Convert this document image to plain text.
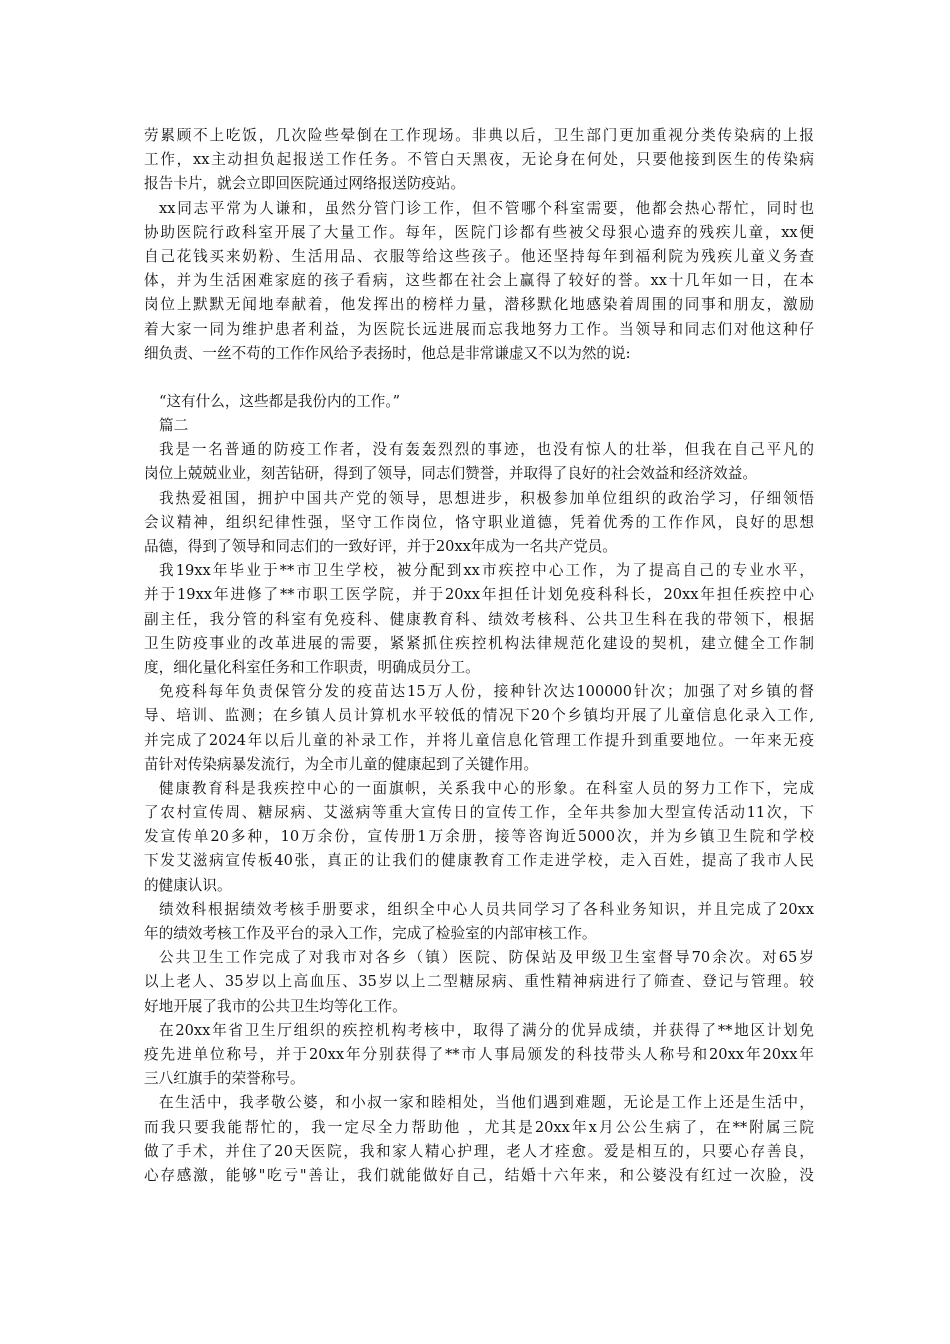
劳累顾不上吃饭，几次险些晕倒在工作现场。非典以后，卫生部门更加重视分类传染病的上报
工作，xx主动担负起报送工作任务。不管白天黑夜，无论身在何处，只要他接到医生的传染病
报告卡片，就会立即回医院通过网络报送防疫站。
xx同志平常为人谦和，虽然分管门诊工作，但不管哪个科室需要，他都会热心帮忙，同时也
协助医院行政科室开展了大量工作。每年，医院门诊都有些被父母狠心遗弃的残疾儿童，xx便
自己花钱买来奶粉、生活用品、衣服等给这些孩子。他还坚持每年到福利院为残疾儿童义务查
体，并为生活困难家庭的孩子看病，这些都在社会上赢得了较好的誉。xx十几年如一日，在本
岗位上默默无闻地奉献着，他发挥出的榜样力量，潜移默化地感染着周围的同事和朋友，激励
着大家一同为维护患者利益，为医院长远进展而忘我地努力工作。当领导和同志们对他这种仔
细负责、一丝不苟的工作作风给予表扬时，他总是非常谦虚又不以为然的说:
“这有什么，这些都是我份内的工作。”
篇二
我是一名普通的防疫工作者，没有轰轰烈烈的事迹，也没有惊人的壮举，但我在自己平凡的
岗位上兢兢业业，刻苦钻研，得到了领导，同志们赞誉，并取得了良好的社会效益和经济效益。
我热爱祖国，拥护中国共产党的领导，思想进步，积极参加单位组织的政治学习，仔细领悟
会议精神，组织纪律性强，坚守工作岗位，恪守职业道德，凭着优秀的工作作风，良好的思想
品德，得到了领导和同志们的一致好评，并于20xx年成为一名共产党员。
我19xx年毕业于**市卫生学校，被分配到xx市疾控中心工作，为了提高自己的专业水平，
并于19xx年进修了**市职工医学院，并于20xx年担任计划免疫科科长，20xx年担任疾控中心
副主任，我分管的科室有免疫科、健康教育科、绩效考核科、公共卫生科在我的带领下，根据
卫生防疫事业的改革进展的需要，紧紧抓住疾控机构法律规范化建设的契机，建立健全工作制
度，细化量化科室任务和工作职责，明确成员分工。
免疫科每年负责保管分发的疫苗达15万人份，接种针次达100000针次；加强了对乡镇的督
导、培训、监测；在乡镇人员计算机水平较低的情况下20个乡镇均开展了儿童信息化录入工作,
并完成了2024年以后儿童的补录工作，并将儿童信息化管理工作提升到重要地位。一年来无疫
苗针对传染病暴发流行，为全市儿童的健康起到了关键作用。
健康教育科是我疾控中心的一面旗帜，关系我中心的形象。在科室人员的努力工作下，完成
了农村宣传周、糖尿病、艾滋病等重大宣传日的宣传工作，全年共参加大型宣传活动11次，下
发宣传单20多种，10万余份，宣传册1万余册，接等咨询近5000次，并为乡镇卫生院和学校
下发艾滋病宣传板40张，真正的让我们的健康教育工作走进学校，走入百姓，提高了我市人民
的健康认识。
绩效科根据绩效考核手册要求，组织全中心人员共同学习了各科业务知识，并且完成了20xx
年的绩效考核工作及平台的录入工作，完成了检验室的内部审核工作。
公共卫生工作完成了对我市对各乡（镇）医院、防保站及甲级卫生室督导70余次。对65岁
以上老人、35岁以上高血压、35岁以上二型糖尿病、重性精神病进行了筛查、登记与管理。较
好地开展了我市的公共卫生均等化工作。
在20xx年省卫生厅组织的疾控机构考核中，取得了满分的优异成绩，并获得了**地区计划免
疫先进单位称号，并于20xx年分别获得了**市人事局颁发的科技带头人称号和20xx年20xx年
三八红旗手的荣誉称号。
在生活中，我孝敬公婆，和小叔一家和睦相处，当他们遇到难题，无论是工作上还是生活中，
而我只要我能帮忙的，我一定尽全力帮助他 ，尤其是20xx年x月公公生病了，在**附属三院
做了手术，并住了20天医院，我和家人精心护理，老人才痊愈。爱是相互的，只要心存善良，
心存感激，能够"吃亏"善让，我们就能做好自己，结婚十六年来，和公婆没有红过一次脸，没
